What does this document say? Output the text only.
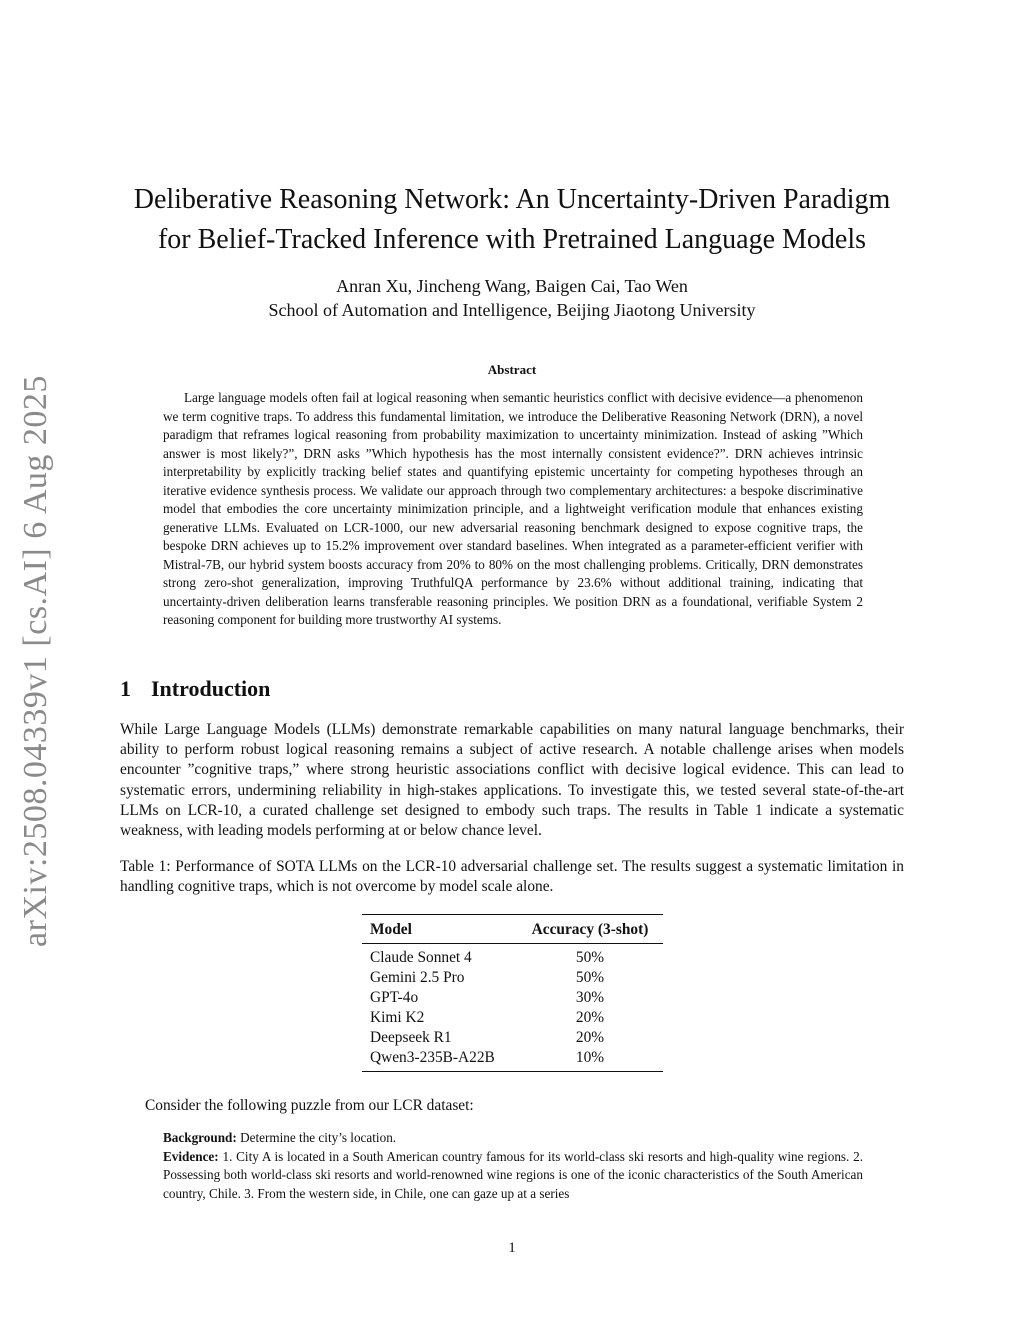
arXiv:2508.04339v1 [cs.AI] 6 Aug 2025
Deliberative Reasoning Network: An Uncertainty-Driven Paradigm
for Belief-Tracked Inference with Pretrained Language Models
Anran Xu, Jincheng Wang, Baigen Cai, Tao Wen
School of Automation and Intelligence, Beijing Jiaotong University
Abstract

Large language models often fail at logical reasoning when semantic heuristics conflict with decisive evidence—a phenomenon we term cognitive traps. To address this fundamental limitation, we introduce the Deliberative Reasoning Network (DRN), a novel paradigm that reframes logical reasoning from probability maximization to uncertainty minimization. Instead of asking ”Which answer is most likely?”, DRN asks ”Which hypothesis has the most internally consistent evidence?”. DRN achieves intrinsic interpretability by explicitly tracking belief states and quantifying epistemic uncertainty for competing hypotheses through an iterative evidence synthesis process. We validate our approach through two complementary architectures: a bespoke discriminative model that embodies the core uncertainty minimization principle, and a lightweight verification module that enhances existing generative LLMs. Evaluated on LCR-1000, our new adversarial reasoning benchmark designed to expose cognitive traps, the bespoke DRN achieves up to 15.2% improvement over standard baselines. When integrated as a parameter-efficient verifier with Mistral-7B, our hybrid system boosts accuracy from 20% to 80% on the most challenging problems. Critically, DRN demonstrates strong zero-shot generalization, improving TruthfulQA performance by 23.6% without additional training, indicating that uncertainty-driven deliberation learns transferable reasoning principles. We position DRN as a foundational, verifiable System 2 reasoning component for building more trustworthy AI systems.

1 Introduction

While Large Language Models (LLMs) demonstrate remarkable capabilities on many natural language benchmarks, their ability to perform robust logical reasoning remains a subject of active research. A notable challenge arises when models encounter ”cognitive traps,” where strong heuristic associations conflict with decisive logical evidence. This can lead to systematic errors, undermining reliability in high-stakes applications. To investigate this, we tested several state-of-the-art LLMs on LCR-10, a curated challenge set designed to embody such traps. The results in Table 1 indicate a systematic weakness, with leading models performing at or below chance level.

Table 1: Performance of SOTA LLMs on the LCR-10 adversarial challenge set. The results suggest a systematic limitation in handling cognitive traps, which is not overcome by model scale alone.

Model	Accuracy (3-shot)
Claude Sonnet 4	50%
Gemini 2.5 Pro	50%
GPT-4o	30%
Kimi K2	20%
Deepseek R1	20%
Qwen3-235B-A22B	10%

Consider the following puzzle from our LCR dataset:

Background: Determine the city’s location.

Evidence: 1. City A is located in a South American country famous for its world-class ski resorts and high-quality wine regions. 2. Possessing both world-class ski resorts and world-renowned wine regions is one of the iconic characteristics of the South American country, Chile. 3. From the western side, in Chile, one can gaze up at a series

1
